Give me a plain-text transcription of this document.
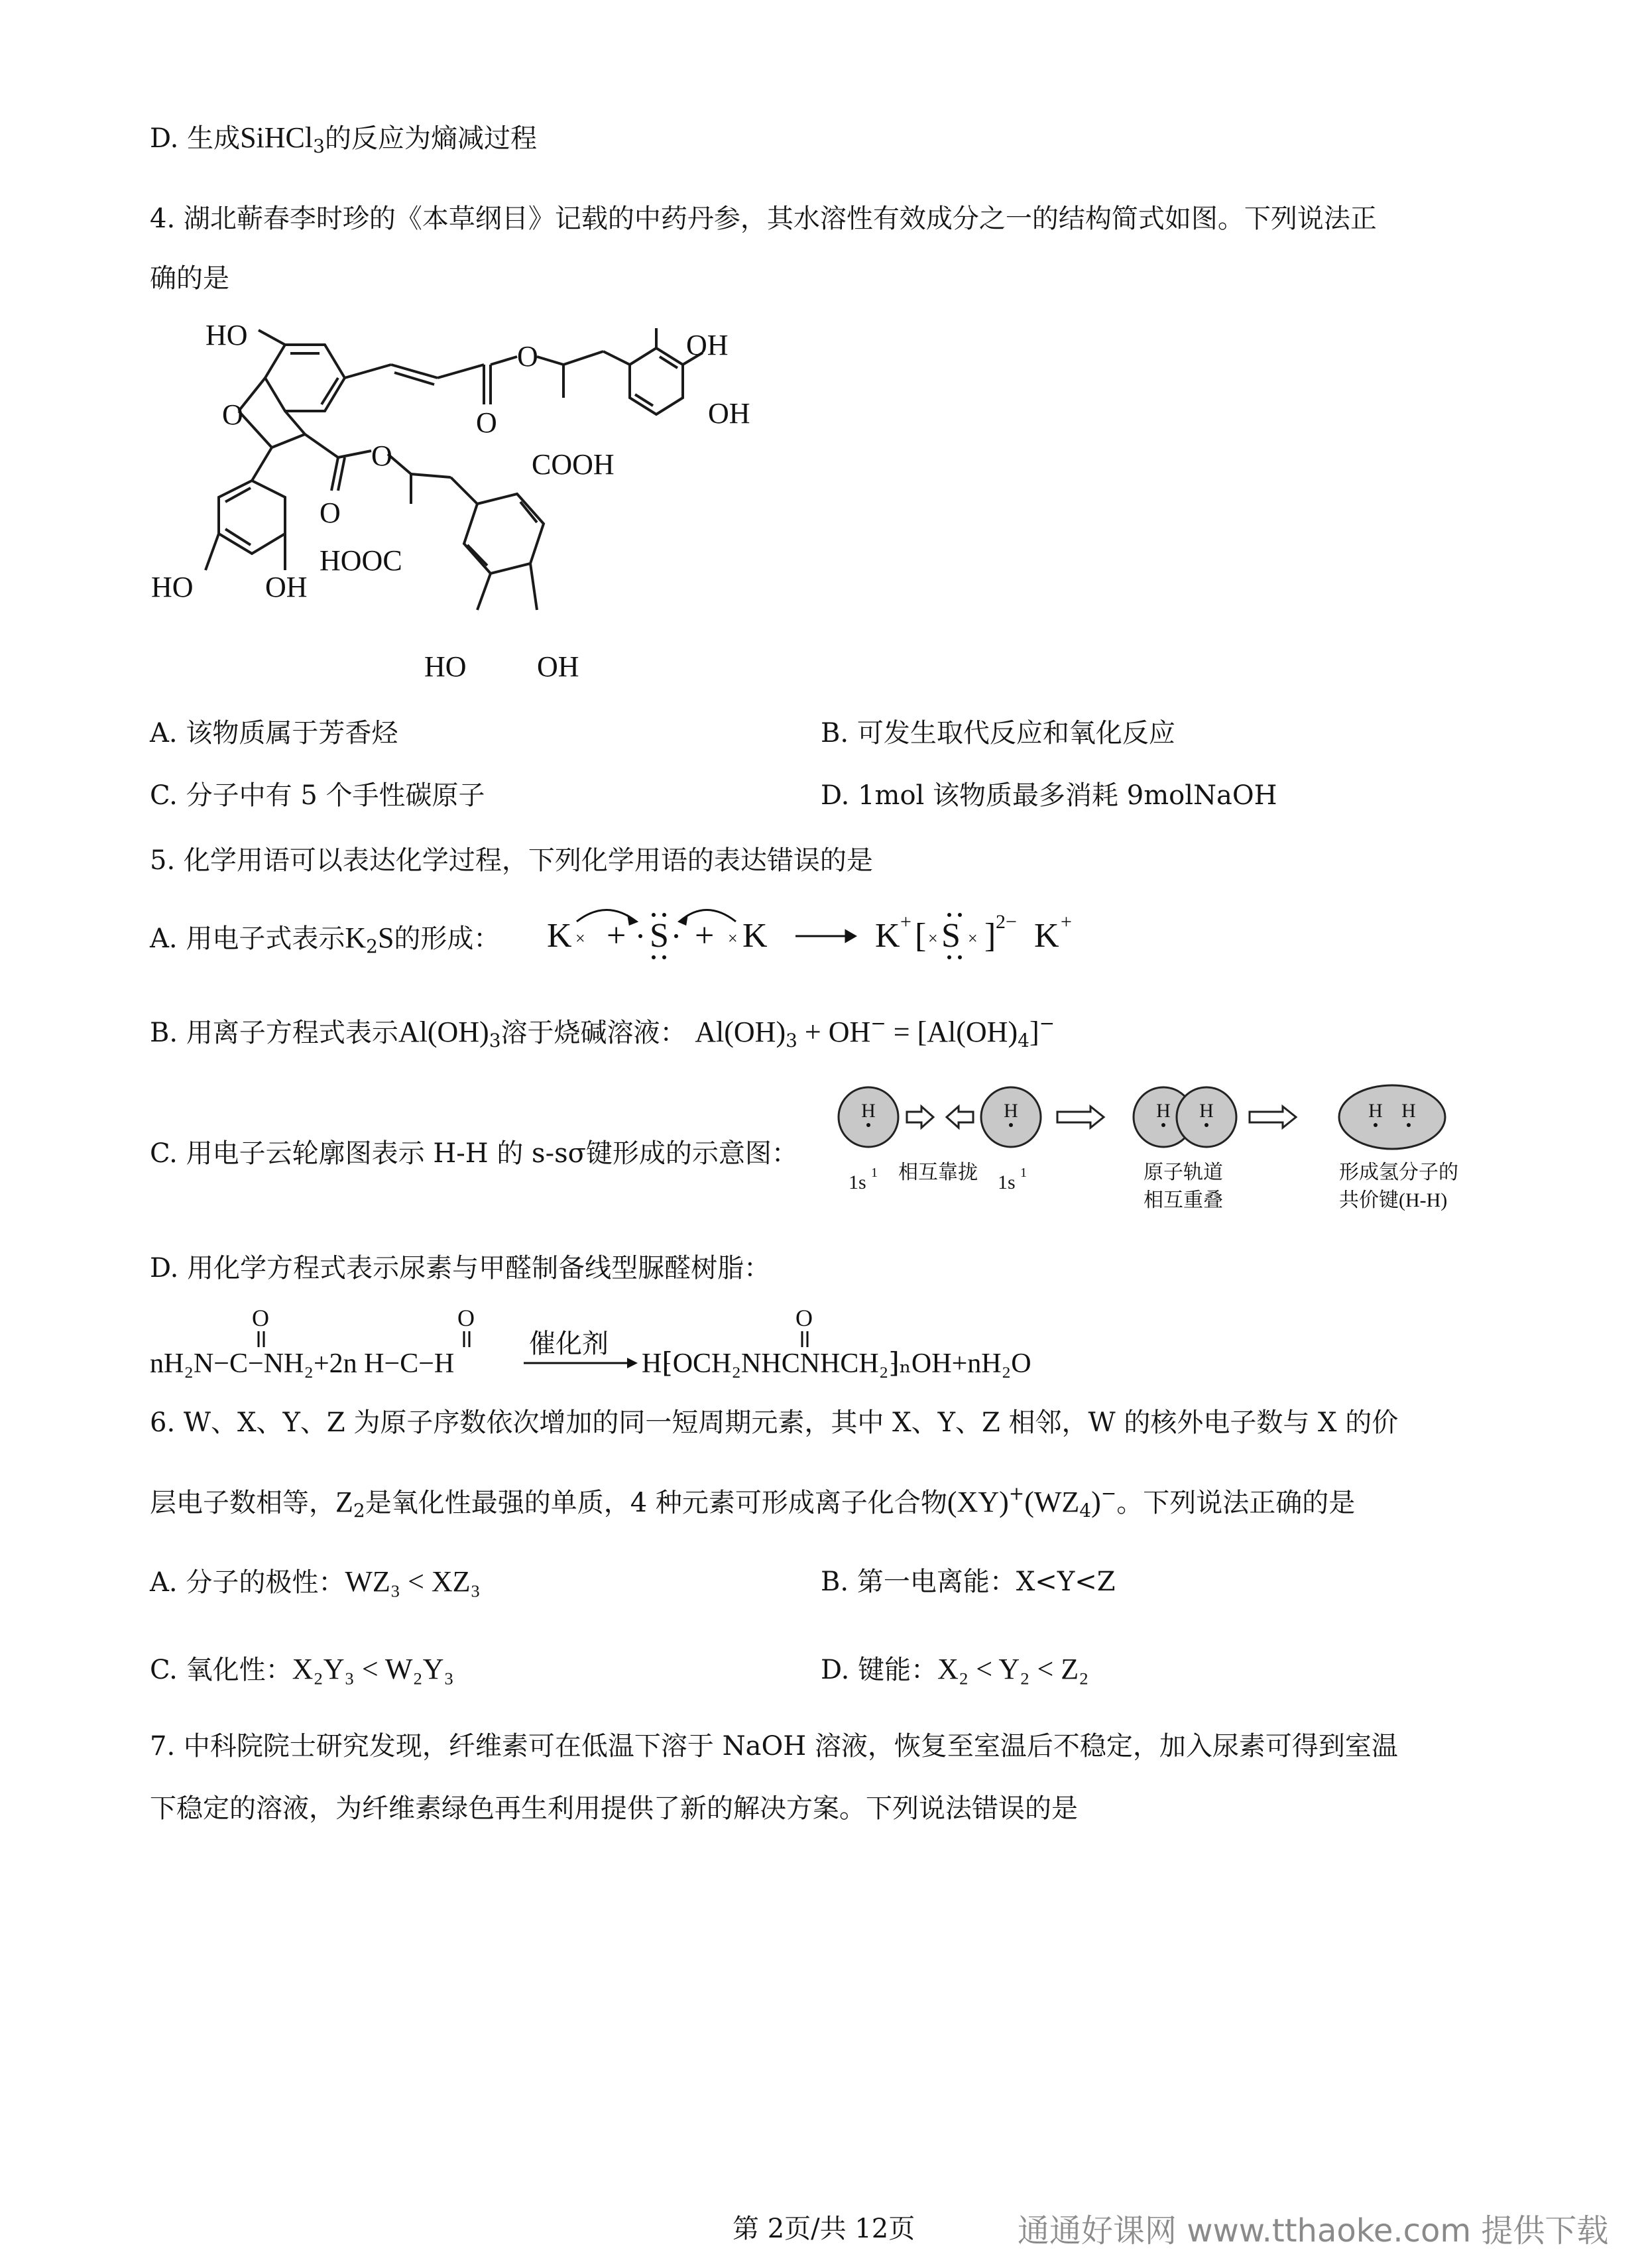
D. 生成SiHCl$_3$的反应为熵减过程
4. 湖北蕲春李时珍的《本草纲目》记载的中药丹参，其水溶性有效成分之一的结构简式如图。下列说法正
确的是
HO	OH
OH
O
O
O
COOH
O
O
HOOC
HO OH
HO OH
A. 该物质属于芳香烃	B. 可发生取代反应和氧化反应
C. 分子中有 5 个手性碳原子	D. 1mol 该物质最多消耗 9molNaOH
5. 化学用语可以表达化学过程，下列化学用语的表达错误的是
A. 用电子式表示$K_2S$的形成： K + S + K	K + [ S ] 2− K +
×	×	× ×
B. 用离子方程式表示$Al(OH)_3$溶于烧碱溶液： $Al(OH)_3 + OH^- = [Al(OH)_4]^-$
C. 用电子云轮廓图表示 H-H 的 s-sσ键形成的示意图：
H	H	H H	H H
1s 1 相互靠拢 1s 1	原子轨道
相互重叠
形成氢分子的
共价键(H-H)
D. 用化学方程式表示尿素与甲醛制备线型脲醛树脂：
O	O	O
nH₂N−C−NH₂+2n H−C−H
催化剂
H⁅OCH₂NHCNHCH₂⁆ₙOH+nH₂O
6. W、X、Y、Z 为原子序数依次增加的同一短周期元素，其中 X、Y、Z 相邻，W 的核外电子数与 X 的价
层电子数相等，$Z_2$是氧化性最强的单质，4 种元素可形成离子化合物$(XY)^+(WZ_4)^-$。下列说法正确的是
A. 分子的极性：WZ₃ < XZ₃	B. 第一电离能：X<Y<Z
C. 氧化性：X₂Y₃ < W₂Y₃	D. 键能：X₂ < Y₂ < Z₂
7. 中科院院士研究发现，纤维素可在低温下溶于 NaOH 溶液，恢复至室温后不稳定，加入尿素可得到室温
下稳定的溶液，为纤维素绿色再生利用提供了新的解决方案。下列说法错误的是
第 2页/共 12页	通通好课网 www.tthaoke.com 提供下载
